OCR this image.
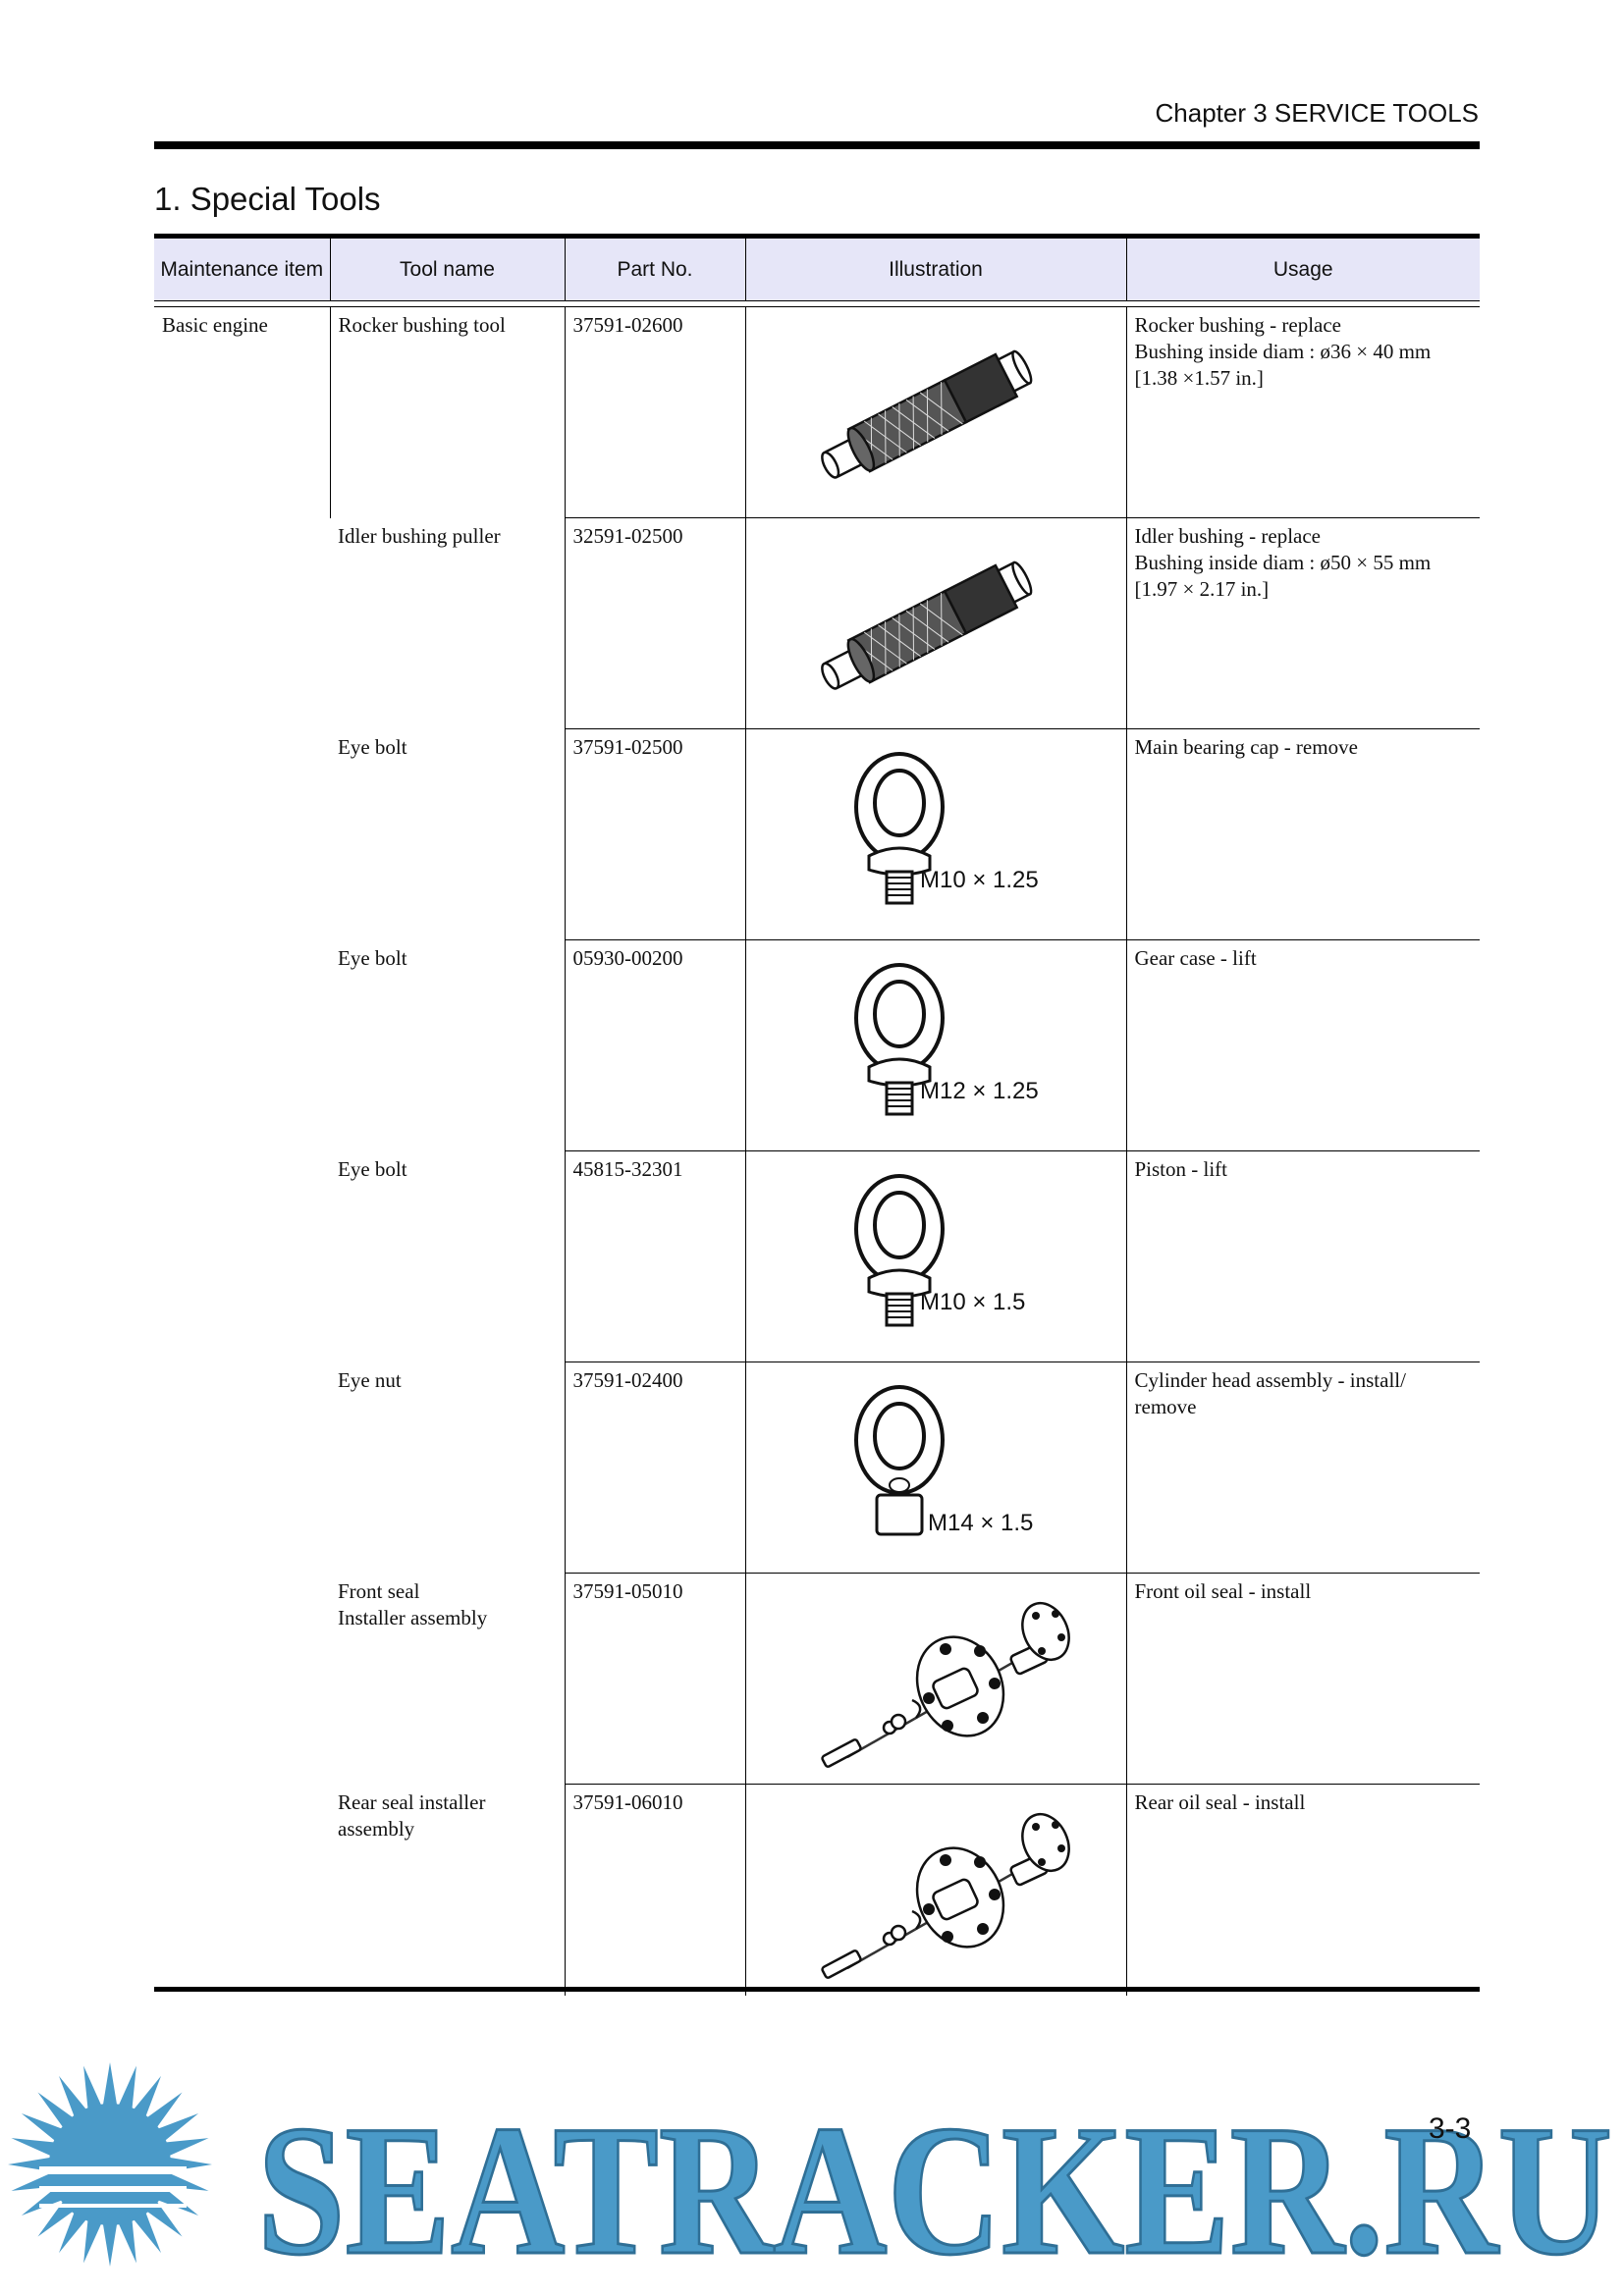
Chapter 3 SERVICE TOOLS
1. Special Tools
Maintenance item	Tool name	Part No.	Illustration	Usage

Basic engine	Rocker bushing tool	37591-02600		Rocker bushing - replace
Bushing inside diam : ø36 × 40 mm
[1.38 ×1.57 in.]
	Idler bushing puller	32591-02500		Idler bushing - replace
Bushing inside diam : ø50 × 55 mm
[1.97 × 2.17 in.]
	Eye bolt	37591-02500	M10 × 1.25	Main bearing cap - remove
	Eye bolt	05930-00200	M12 × 1.25	Gear case - lift
	Eye bolt	45815-32301	M10 × 1.5	Piston - lift
	Eye nut	37591-02400	M14 × 1.5	Cylinder head assembly - install/
remove
	Front seal
Installer assembly	37591-05010		Front oil seal - install
	Rear seal installer
assembly	37591-06010		Rear oil seal - install
SEATRACKER.RU
3-3
